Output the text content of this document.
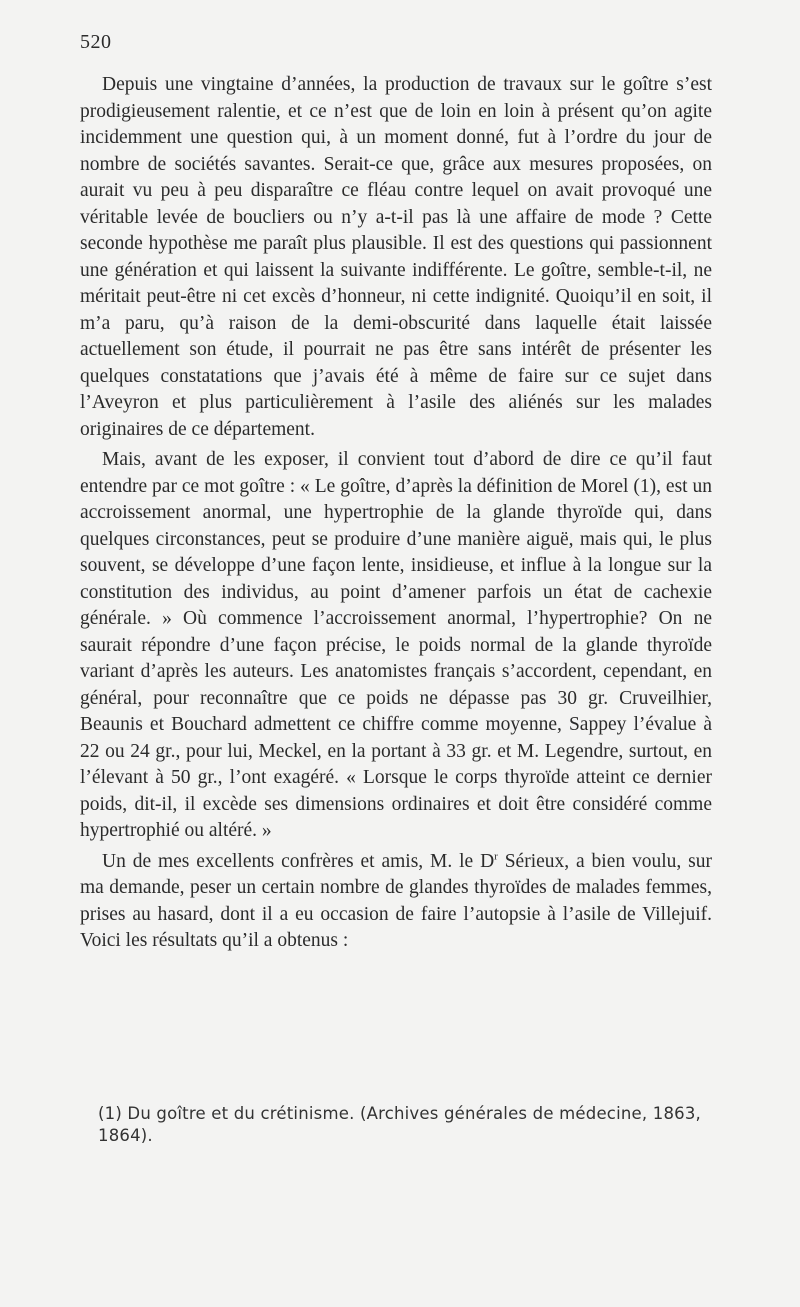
520

Depuis une vingtaine d’années, la production de travaux sur le goître s’est prodigieusement ralentie, et ce n’est que de loin en loin à présent qu’on agite incidemment une question qui, à un moment donné, fut à l’ordre du jour de nombre de sociétés savantes. Serait-ce que, grâce aux mesures proposées, on aurait vu peu à peu disparaître ce fléau contre lequel on avait provoqué une véritable levée de boucliers ou n’y a-t-il pas là une affaire de mode ? Cette seconde hypothèse me paraît plus plausible. Il est des questions qui passionnent une génération et qui laissent la suivante indifférente. Le goître, semble-t-il, ne méritait peut-être ni cet excès d’honneur, ni cette indignité. Quoiqu’il en soit, il m’a paru, qu’à raison de la demi-obscurité dans laquelle était laissée actuellement son étude, il pourrait ne pas être sans intérêt de présenter les quelques constatations que j’avais été à même de faire sur ce sujet dans l’Aveyron et plus particulièrement à l’asile des aliénés sur les malades originaires de ce département.

Mais, avant de les exposer, il convient tout d’abord de dire ce qu’il faut entendre par ce mot goître : « Le goître, d’après la définition de Morel (1), est un accroissement anormal, une hypertrophie de la glande thyroïde qui, dans quelques circonstances, peut se produire d’une manière aiguë, mais qui, le plus souvent, se développe d’une façon lente, insidieuse, et influe à la longue sur la constitution des individus, au point d’amener parfois un état de cachexie générale. » Où commence l’accroissement anormal, l’hypertrophie? On ne saurait répondre d’une façon précise, le poids normal de la glande thyroïde variant d’après les auteurs. Les anatomistes français s’accordent, cependant, en général, pour reconnaître que ce poids ne dépasse pas 30 gr. Cruveilhier, Beaunis et Bouchard admettent ce chiffre comme moyenne, Sappey l’évalue à 22 ou 24 gr., pour lui, Meckel, en la portant à 33 gr. et M. Legendre, surtout, en l’élevant à 50 gr., l’ont exagéré. « Lorsque le corps thyroïde atteint ce dernier poids, dit-il, il excède ses dimensions ordinaires et doit être considéré comme hypertrophié ou altéré. »

Un de mes excellents confrères et amis, M. le $D^r$ Sérieux, a bien voulu, sur ma demande, peser un certain nombre de glandes thyroïdes de malades femmes, prises au hasard, dont il a eu occasion de faire l’autopsie à l’asile de Villejuif. Voici les résultats qu’il a obtenus :

(1) Du goître et du crétinisme. (Archives générales de médecine, 1863, 1864).
